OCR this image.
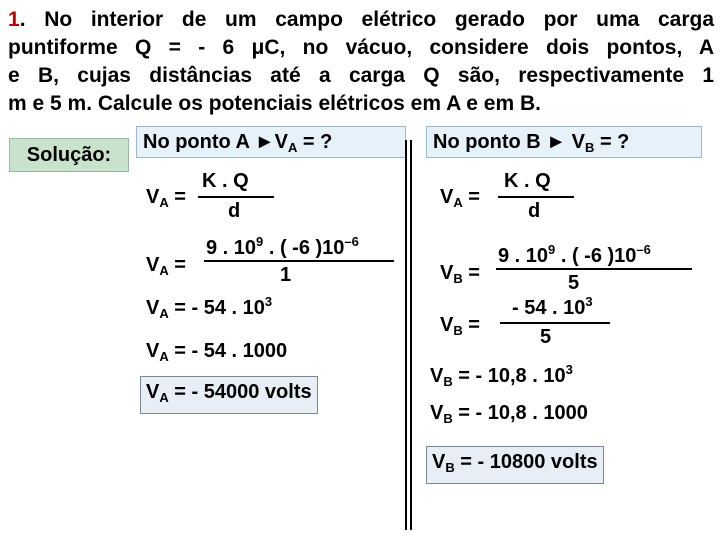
1. No interior de um campo elétrico gerado por uma carga
puntiforme Q = - 6 μC, no vácuo, considere dois pontos, A
e B, cujas distâncias até a carga Q são, respectivamente 1
m e 5 m. Calcule os potenciais elétricos em A e em B.
Solução:
No ponto A $►V_A$ = ?	No ponto B ► $V_B$ = ?
$V_A$ =
K . Q
d
$V_A$ =
9 . $10^9$ . ( -6 )$10^{-6}$
1
$V_A$ = - 54 . $10^3$
$V_A$ = - 54 . 1000
$V_A$ = - 54000 volts
$V_A$ =
K . Q
d
$V_B$ =
9 . $10^9$ . ( -6 )$10^{-6}$
5
$V_B$ =
- 54 . $10^3$
5
$V_B$ = - 10,8 . $10^3$
$V_B$ = - 10,8 . 1000
$V_B$ = - 10800 volts
